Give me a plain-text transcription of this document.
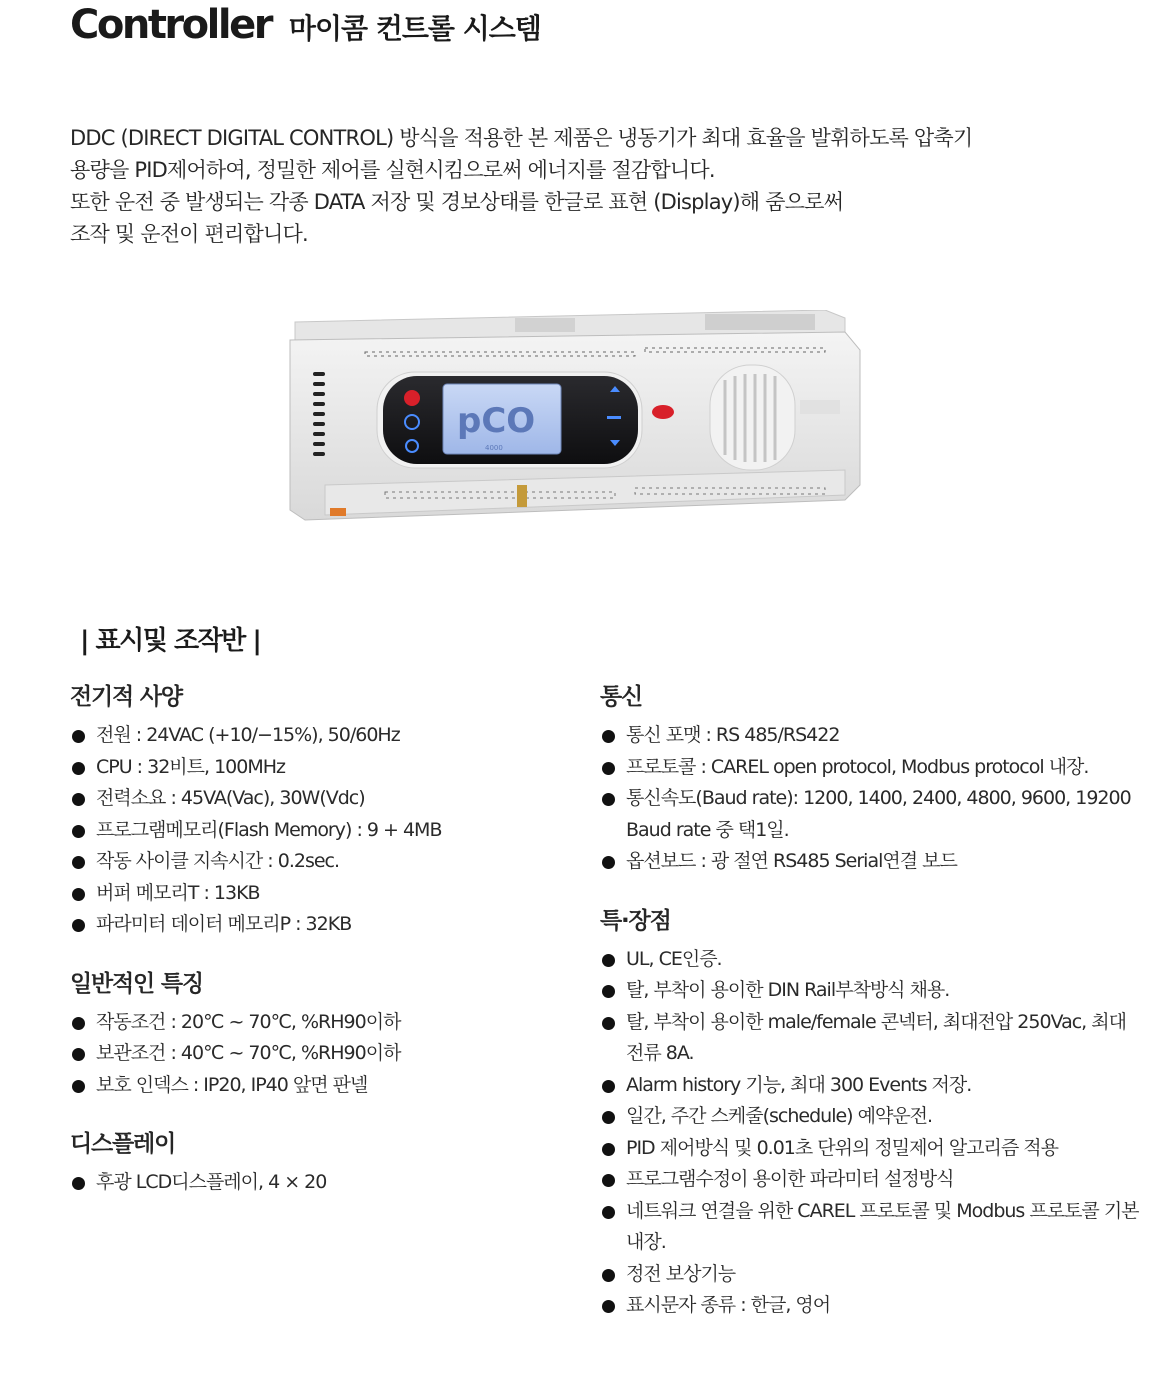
Controller 마이콤 컨트롤 시스템

DDC (DIRECT DIGITAL CONTROL) 방식을 적용한 본 제품은 냉동기가 최대 효율을 발휘하도록 압축기

용량을 PID제어하여, 정밀한 제어를 실현시킴으로써 에너지를 절감합니다.

또한 운전 중 발생되는 각종 DATA 저장 및 경보상태를 한글로 표현 (Display)해 줌으로써

조작 및 운전이 편리합니다.

pCO
4000
| 표시및 조작반 |
전기적 사양
전원 : 24VAC (+10/−15%), 50/60Hz
CPU : 32비트, 100MHz
전력소요 : 45VA(Vac), 30W(Vdc)
프로그램메모리(Flash Memory) : 9 + 4MB
작동 사이클 지속시간 : 0.2sec.
버퍼 메모리T : 13KB
파라미터 데이터 메모리P : 32KB
일반적인 특징
작동조건 : 20℃ ~ 70℃, %RH90이하
보관조건 : 40℃ ~ 70℃, %RH90이하
보호 인덱스 : IP20, IP40 앞면 판넬
디스플레이
후광 LCD디스플레이, 4 × 20
통신
통신 포맷 : RS 485/RS422
프로토콜 : CAREL open protocol, Modbus protocol 내장.
통신속도(Baud rate): 1200, 1400, 2400, 4800, 9600, 19200 Baud rate 중 택1일.
옵션보드 : 광 절연 RS485 Serial연결 보드
특·장점
UL, CE인증.
탈, 부착이 용이한 DIN Rail부착방식 채용.
탈, 부착이 용이한 male/female 콘넥터, 최대전압 250Vac, 최대전류 8A.
Alarm history 기능, 최대 300 Events 저장.
일간, 주간 스케줄(schedule) 예약운전.
PID 제어방식 및 0.01초 단위의 정밀제어 알고리즘 적용
프로그램수정이 용이한 파라미터 설정방식
네트워크 연결을 위한 CAREL 프로토콜 및 Modbus 프로토콜 기본내장.
정전 보상기능
표시문자 종류 : 한글, 영어
